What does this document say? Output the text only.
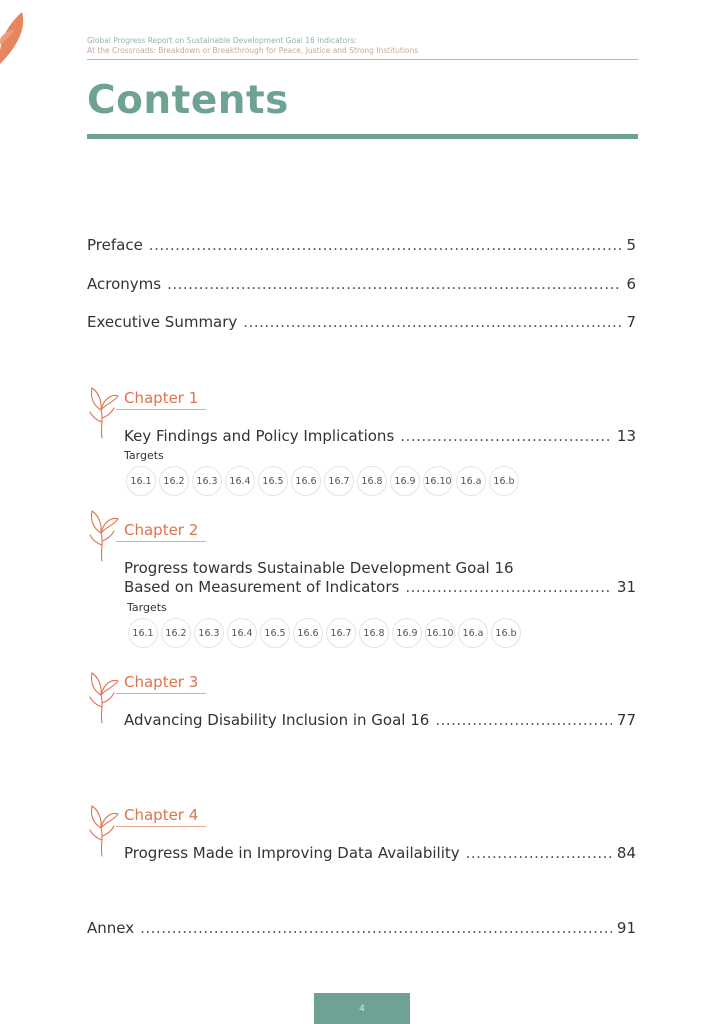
Global Progress Report on Sustainable Development Goal 16 Indicators:
At the Crossroads: Breakdown or Breakthrough for Peace, Justice and Strong Institutions
Contents
Preface .....	5
Acronyms .....	6
Executive Summary .....	7
Chapter 1
Key Findings and Policy Implications .....	13
Targets
16.1	16.2	16.3	16.4	16.5	16.6	16.7	16.8	16.9 16.10 16.a	16.b
Chapter 2
Progress towards Sustainable Development Goal 16
Based on Measurement of Indicators .....	31
Targets
16.1	16.2	16.3	16.4	16.5	16.6	16.7	16.8	16.9 16.10 16.a	16.b
Chapter 3
Advancing Disability Inclusion in Goal 16 .....	77
Chapter 4
Progress Made in Improving Data Availability .....	84
Annex .....	91
4
